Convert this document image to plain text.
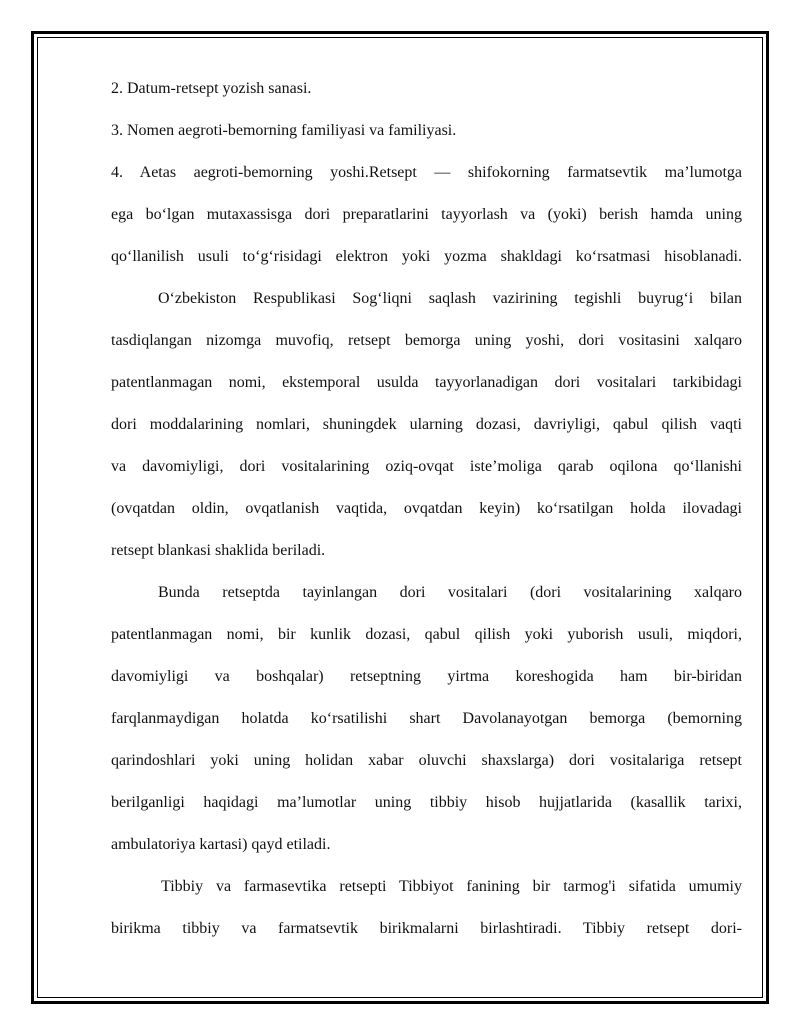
2. Datum-retsept yozish sanasi.

3. Nomen aegroti-bemorning familiyasi va familiyasi.

4. Aetas aegroti-bemorning yoshi.Retsept — shifokorning farmatsevtik ma’lumotga

ega bo‘lgan mutaxassisga dori preparatlarini tayyorlash va (yoki) berish hamda uning

qo‘llanilish usuli to‘g‘risidagi elektron yoki yozma shakldagi ko‘rsatmasi hisoblanadi.

O‘zbekiston Respublikasi Sog‘liqni saqlash vazirining tegishli buyrug‘i bilan

tasdiqlangan nizomga muvofiq, retsept bemorga uning yoshi, dori vositasini xalqaro

patentlanmagan nomi, ekstemporal usulda tayyorlanadigan dori vositalari tarkibidagi

dori moddalarining nomlari, shuningdek ularning dozasi, davriyligi, qabul qilish vaqti

va davomiyligi, dori vositalarining oziq-ovqat iste’moliga qarab oqilona qo‘llanishi

(ovqatdan oldin, ovqatlanish vaqtida, ovqatdan keyin) ko‘rsatilgan holda ilovadagi

retsept blankasi shaklida beriladi.

Bunda retseptda tayinlangan dori vositalari (dori vositalarining xalqaro

patentlanmagan nomi, bir kunlik dozasi, qabul qilish yoki yuborish usuli, miqdori,

davomiyligi va boshqalar) retseptning yirtma koreshogida ham bir-biridan

farqlanmaydigan holatda ko‘rsatilishi shart Davolanayotgan bemorga (bemorning

qarindoshlari yoki uning holidan xabar oluvchi shaxslarga) dori vositalariga retsept

berilganligi haqidagi ma’lumotlar uning tibbiy hisob hujjatlarida (kasallik tarixi,

ambulatoriya kartasi) qayd etiladi.

Tibbiy va farmasevtika retsepti Tibbiyot fanining bir tarmog'i sifatida umumiy

birikma tibbiy va farmatsevtik birikmalarni birlashtiradi. Tibbiy retsept dori-
